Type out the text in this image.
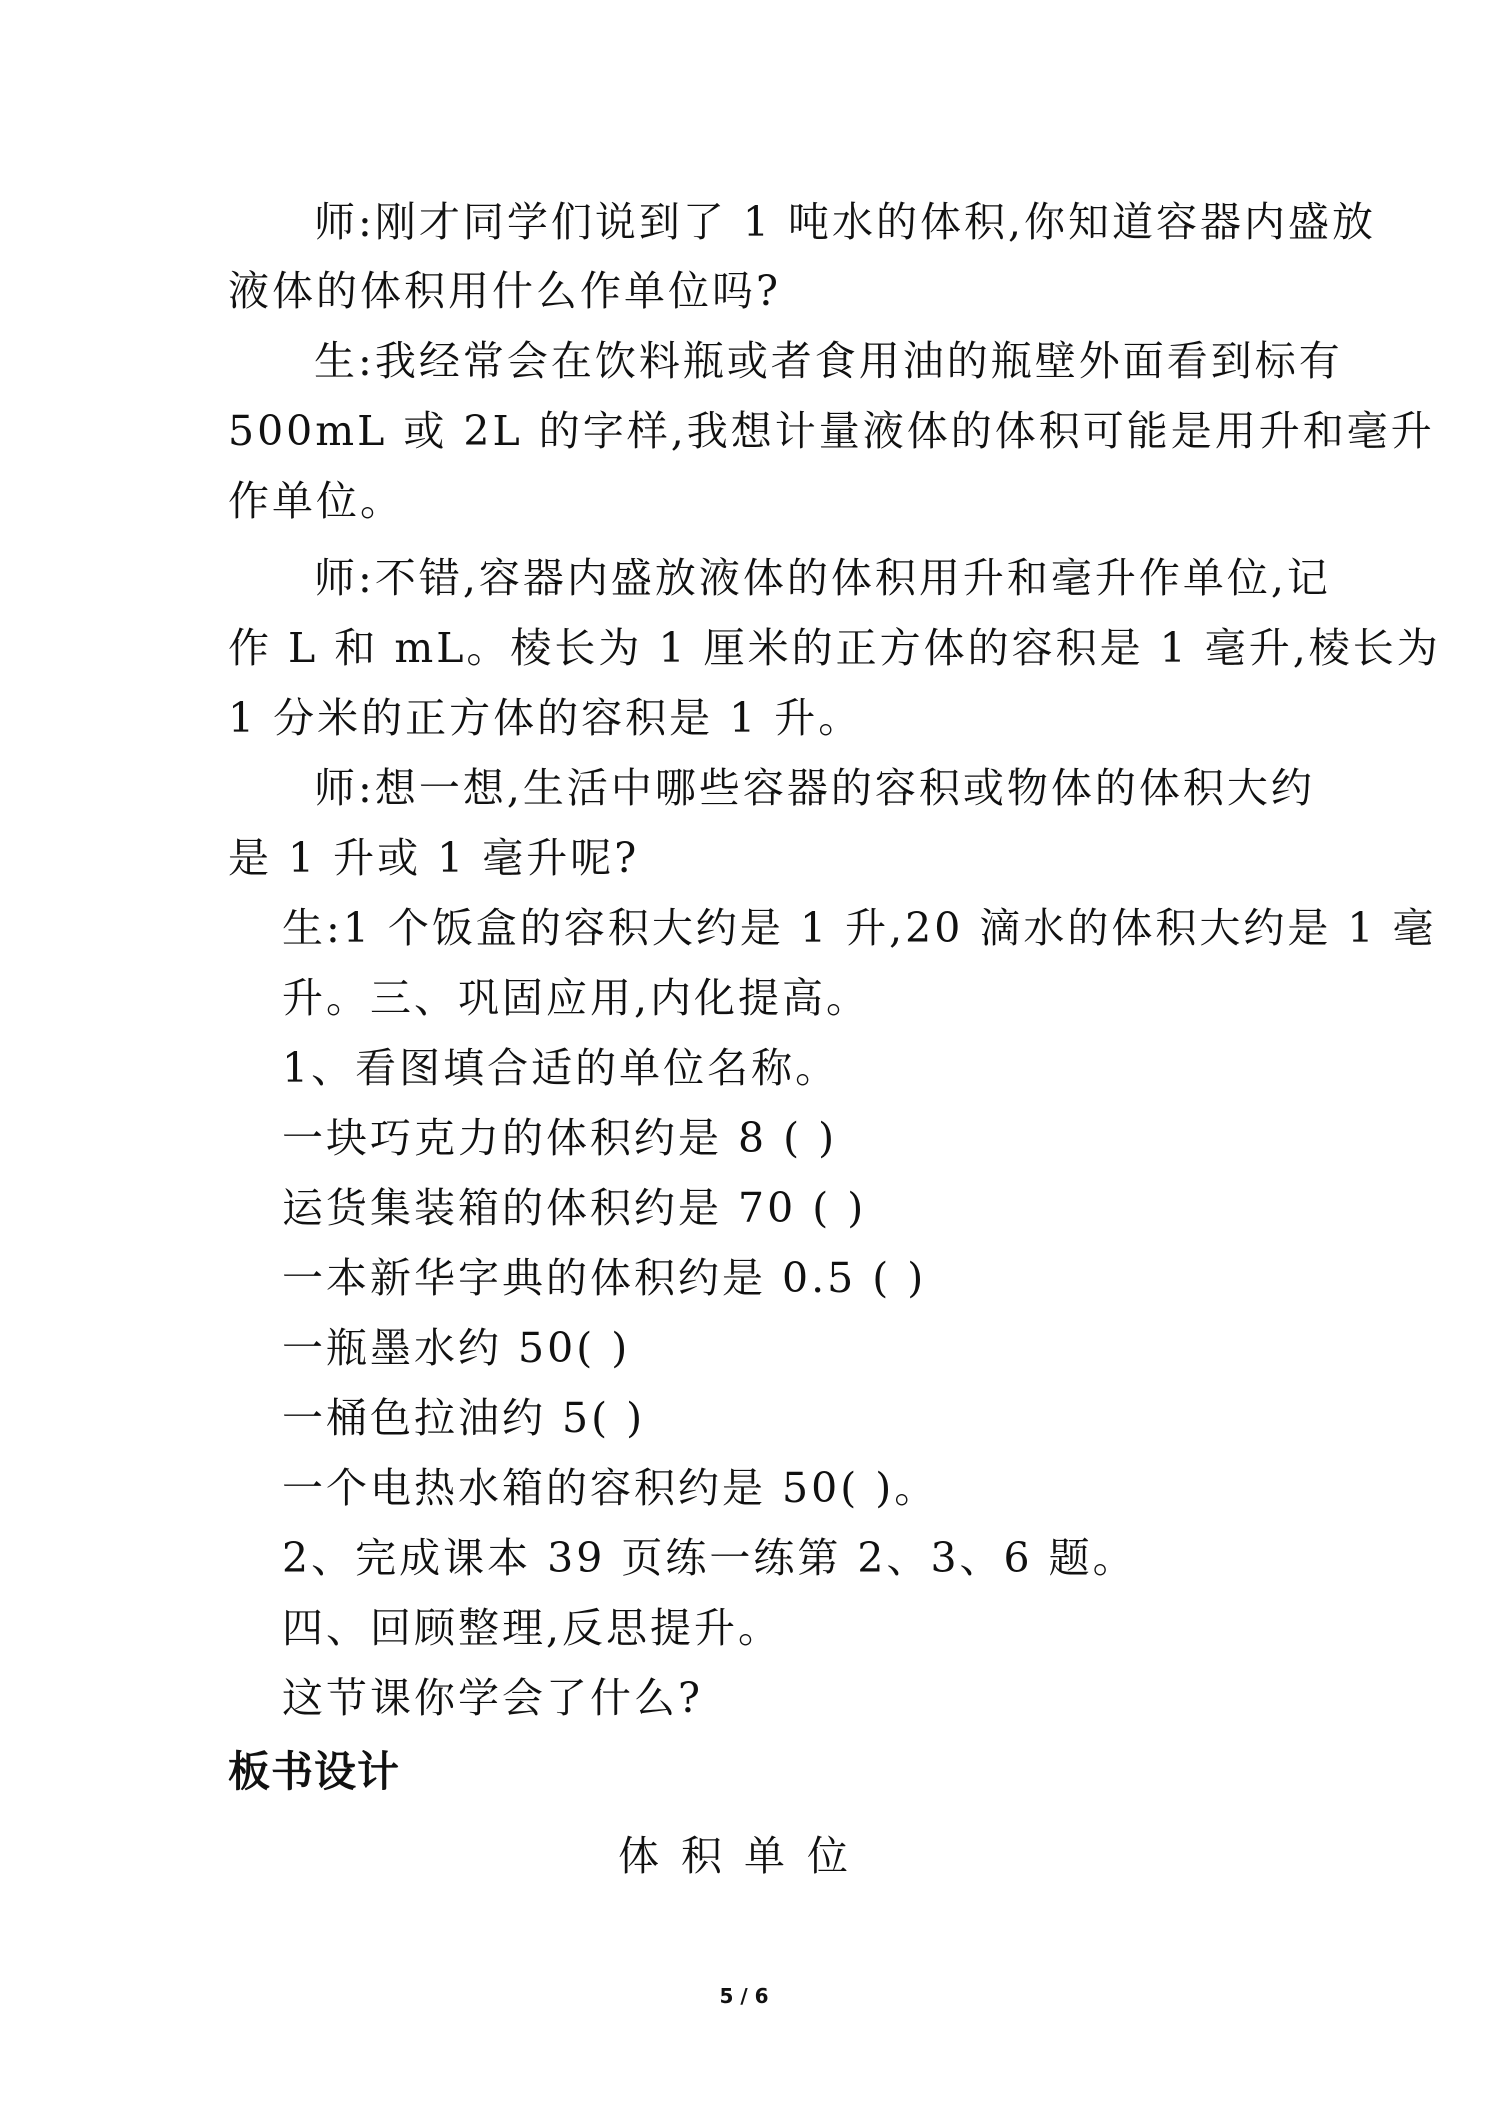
师:刚才同学们说到了 1 吨水的体积,你知道容器内盛放
液体的体积用什么作单位吗?
生:我经常会在饮料瓶或者食用油的瓶壁外面看到标有
500mL 或 2L 的字样,我想计量液体的体积可能是用升和毫升
作单位。
师:不错,容器内盛放液体的体积用升和毫升作单位,记
作 L 和 mL。棱长为 1 厘米的正方体的容积是 1 毫升,棱长为
1 分米的正方体的容积是 1 升。
师:想一想,生活中哪些容器的容积或物体的体积大约
是 1 升或 1 毫升呢?
生:1 个饭盒的容积大约是 1 升,20 滴水的体积大约是 1 毫
升。三、巩固应用,内化提高。
1、看图填合适的单位名称。
一块巧克力的体积约是 8 ( )
运货集装箱的体积约是 70 ( )
一本新华字典的体积约是 0.5 ( )
一瓶墨水约 50( )
一桶色拉油约 5( )
一个电热水箱的容积约是 50( )。
2、完成课本 39 页练一练第 2、3、6 题。
四、回顾整理,反思提升。
这节课你学会了什么?
板书设计
体积单位
5 / 6
